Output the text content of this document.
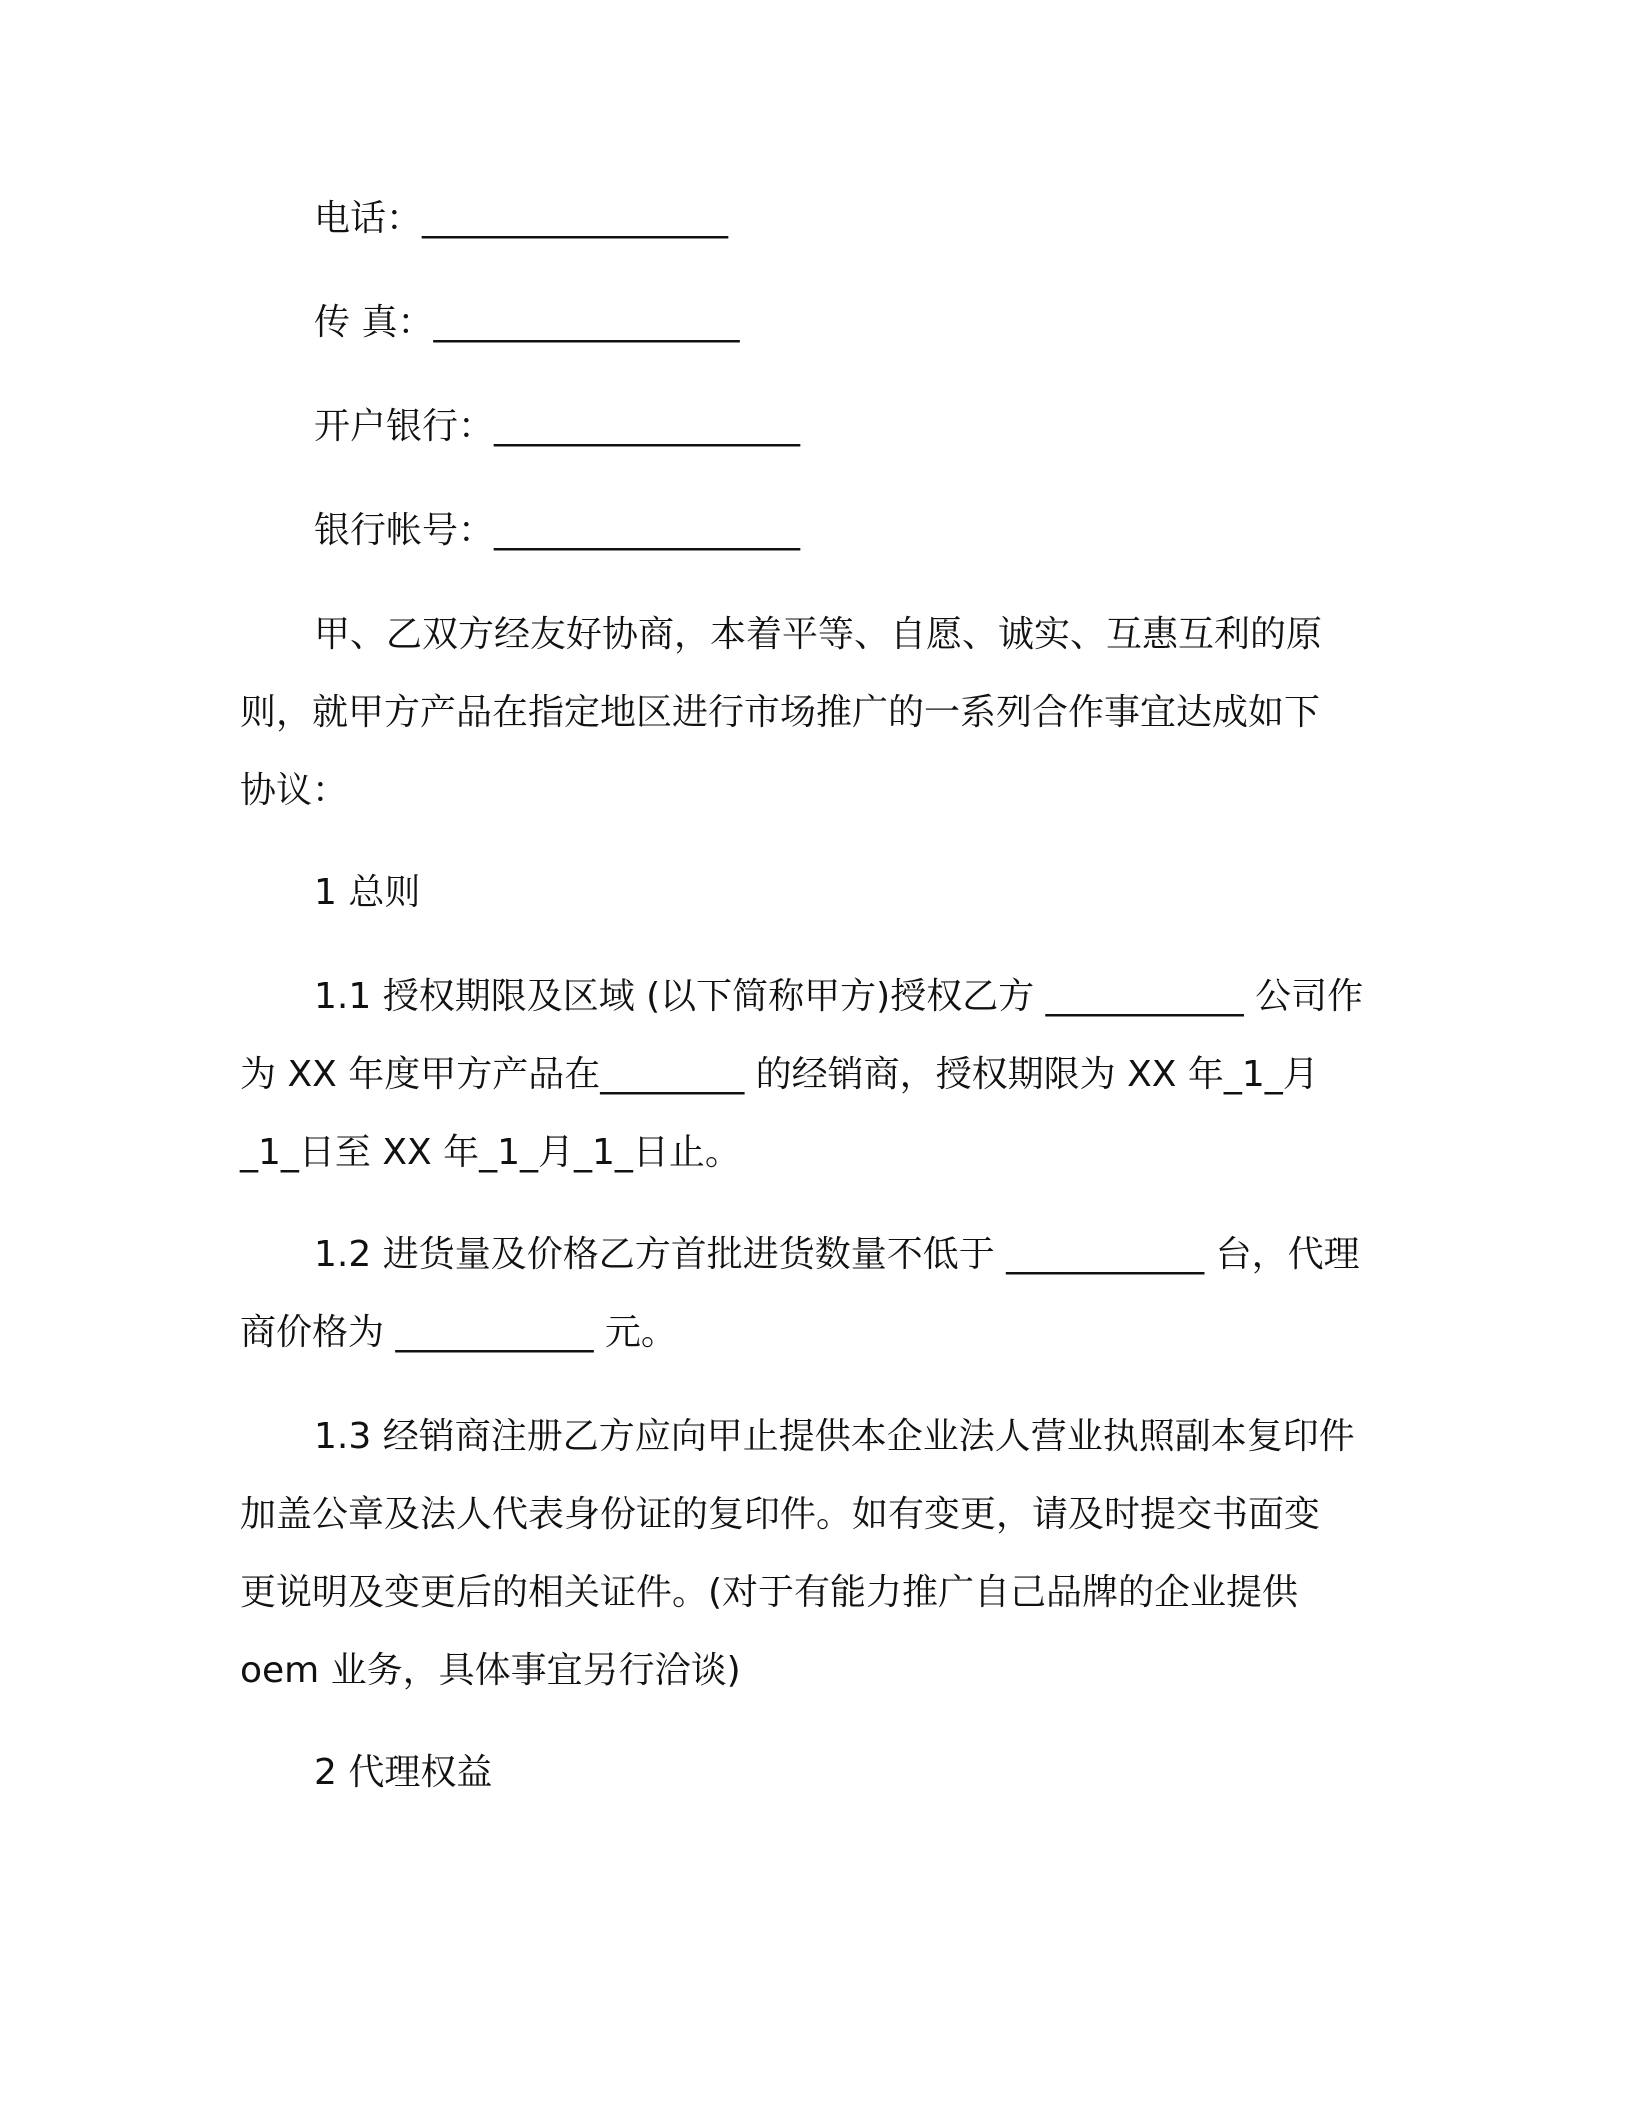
电话：_________________
传 真：_________________
开户银行：_________________
银行帐号：_________________
甲、乙双方经友好协商，本着平等、自愿、诚实、互惠互利的原
则，就甲方产品在指定地区进行市场推广的一系列合作事宜达成如下
协议：
1 总则
1.1 授权期限及区域 (以下简称甲方)授权乙方 ___________ 公司作
为 XX 年度甲方产品在________ 的经销商，授权期限为 XX 年_1_月
_1_日至 XX 年_1_月_1_日止。
1.2 进货量及价格乙方首批进货数量不低于 ___________ 台，代理
商价格为 ___________ 元。
1.3 经销商注册乙方应向甲止提供本企业法人营业执照副本复印件
加盖公章及法人代表身份证的复印件。如有变更，请及时提交书面变
更说明及变更后的相关证件。(对于有能力推广自己品牌的企业提供
oem 业务，具体事宜另行洽谈)
2 代理权益
